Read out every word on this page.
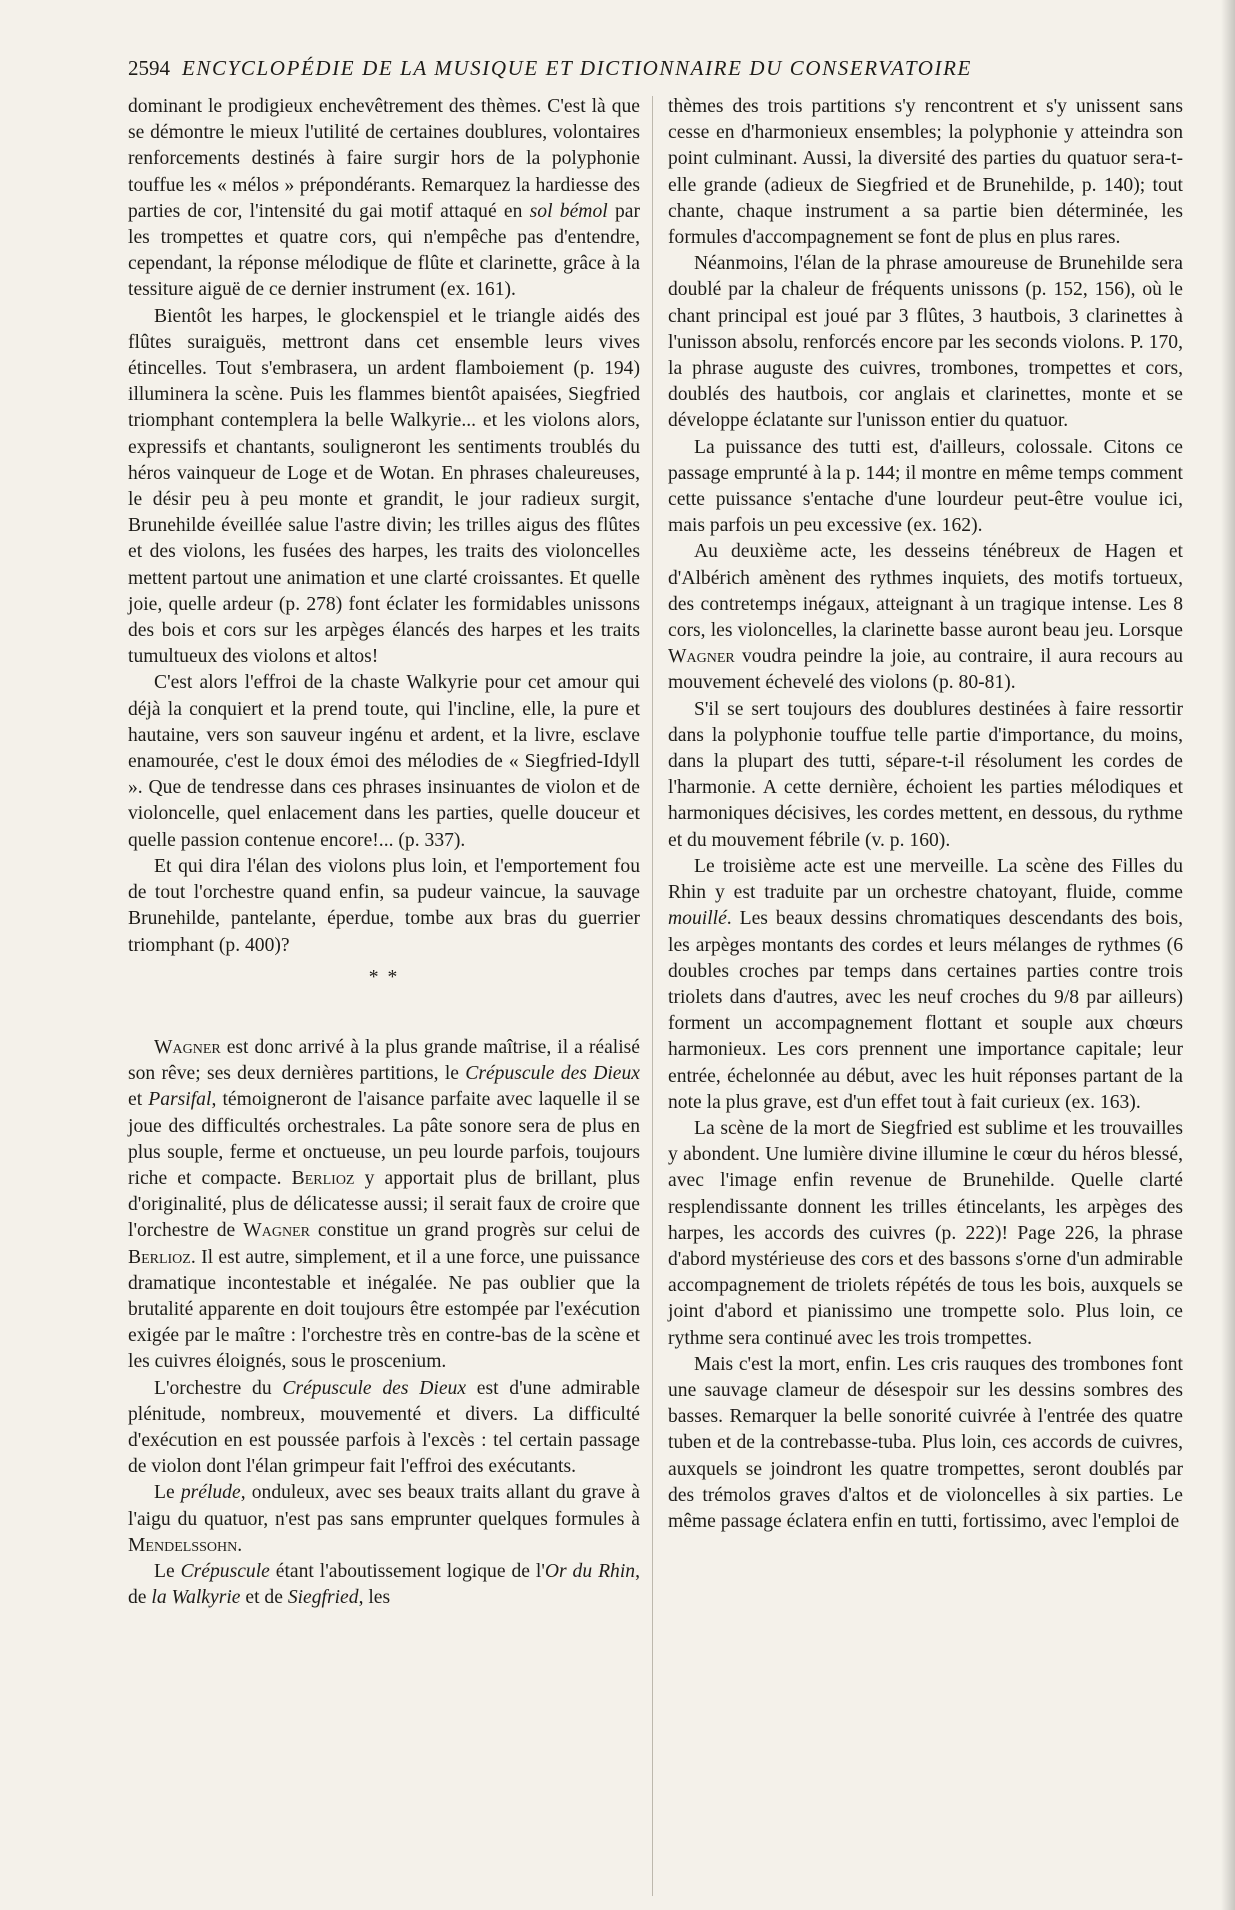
2594 ENCYCLOPÉDIE DE LA MUSIQUE ET DICTIONNAIRE DU CONSERVATOIRE

dominant le prodigieux enchevêtrement des thèmes. C'est là que se démontre le mieux l'utilité de certaines doublures, volontaires renforcements destinés à faire surgir hors de la polyphonie touffue les « mélos » prépondérants. Remarquez la hardiesse des parties de cor, l'intensité du gai motif attaqué en sol bémol par les trompettes et quatre cors, qui n'empêche pas d'entendre, cependant, la réponse mélodique de flûte et clarinette, grâce à la tessiture aiguë de ce dernier instrument (ex. 161).

Bientôt les harpes, le glockenspiel et le triangle aidés des flûtes suraiguës, mettront dans cet ensemble leurs vives étincelles. Tout s'embrasera, un ardent flamboiement (p. 194) illuminera la scène. Puis les flammes bientôt apaisées, Siegfried triomphant contemplera la belle Walkyrie... et les violons alors, expressifs et chantants, souligneront les sentiments troublés du héros vainqueur de Loge et de Wotan. En phrases chaleureuses, le désir peu à peu monte et grandit, le jour radieux surgit, Brunehilde éveillée salue l'astre divin; les trilles aigus des flûtes et des violons, les fusées des harpes, les traits des violoncelles mettent partout une animation et une clarté croissantes. Et quelle joie, quelle ardeur (p. 278) font éclater les formidables unissons des bois et cors sur les arpèges élancés des harpes et les traits tumultueux des violons et altos!

C'est alors l'effroi de la chaste Walkyrie pour cet amour qui déjà la conquiert et la prend toute, qui l'incline, elle, la pure et hautaine, vers son sauveur ingénu et ardent, et la livre, esclave enamourée, c'est le doux émoi des mélodies de « Siegfried-Idyll ». Que de tendresse dans ces phrases insinuantes de violon et de violoncelle, quel enlacement dans les parties, quelle douceur et quelle passion contenue encore!... (p. 337).

Et qui dira l'élan des violons plus loin, et l'emportement fou de tout l'orchestre quand enfin, sa pudeur vaincue, la sauvage Brunehilde, pantelante, éperdue, tombe aux bras du guerrier triomphant (p. 400)?

* *

Wagner est donc arrivé à la plus grande maîtrise, il a réalisé son rêve; ses deux dernières partitions, le Crépuscule des Dieux et Parsifal, témoigneront de l'aisance parfaite avec laquelle il se joue des difficultés orchestrales. La pâte sonore sera de plus en plus souple, ferme et onctueuse, un peu lourde parfois, toujours riche et compacte. Berlioz y apportait plus de brillant, plus d'originalité, plus de délicatesse aussi; il serait faux de croire que l'orchestre de Wagner constitue un grand progrès sur celui de Berlioz. Il est autre, simplement, et il a une force, une puissance dramatique incontestable et inégalée. Ne pas oublier que la brutalité apparente en doit toujours être estompée par l'exécution exigée par le maître : l'orchestre très en contre-bas de la scène et les cuivres éloignés, sous le proscenium.

L'orchestre du Crépuscule des Dieux est d'une admirable plénitude, nombreux, mouvementé et divers. La difficulté d'exécution en est poussée parfois à l'excès : tel certain passage de violon dont l'élan grimpeur fait l'effroi des exécutants.

Le prélude, onduleux, avec ses beaux traits allant du grave à l'aigu du quatuor, n'est pas sans emprunter quelques formules à Mendelssohn.

Le Crépuscule étant l'aboutissement logique de l'Or du Rhin, de la Walkyrie et de Siegfried, les

thèmes des trois partitions s'y rencontrent et s'y unissent sans cesse en d'harmonieux ensembles; la polyphonie y atteindra son point culminant. Aussi, la diversité des parties du quatuor sera-t-elle grande (adieux de Siegfried et de Brunehilde, p. 140); tout chante, chaque instrument a sa partie bien déterminée, les formules d'accompagnement se font de plus en plus rares.

Néanmoins, l'élan de la phrase amoureuse de Brunehilde sera doublé par la chaleur de fréquents unissons (p. 152, 156), où le chant principal est joué par 3 flûtes, 3 hautbois, 3 clarinettes à l'unisson absolu, renforcés encore par les seconds violons. P. 170, la phrase auguste des cuivres, trombones, trompettes et cors, doublés des hautbois, cor anglais et clarinettes, monte et se développe éclatante sur l'unisson entier du quatuor.

La puissance des tutti est, d'ailleurs, colossale. Citons ce passage emprunté à la p. 144; il montre en même temps comment cette puissance s'entache d'une lourdeur peut-être voulue ici, mais parfois un peu excessive (ex. 162).

Au deuxième acte, les desseins ténébreux de Hagen et d'Albérich amènent des rythmes inquiets, des motifs tortueux, des contretemps inégaux, atteignant à un tragique intense. Les 8 cors, les violoncelles, la clarinette basse auront beau jeu. Lorsque Wagner voudra peindre la joie, au contraire, il aura recours au mouvement échevelé des violons (p. 80-81).

S'il se sert toujours des doublures destinées à faire ressortir dans la polyphonie touffue telle partie d'importance, du moins, dans la plupart des tutti, sépare-t-il résolument les cordes de l'harmonie. A cette dernière, échoient les parties mélodiques et harmoniques décisives, les cordes mettent, en dessous, du rythme et du mouvement fébrile (v. p. 160).

Le troisième acte est une merveille. La scène des Filles du Rhin y est traduite par un orchestre chatoyant, fluide, comme mouillé. Les beaux dessins chromatiques descendants des bois, les arpèges montants des cordes et leurs mélanges de rythmes (6 doubles croches par temps dans certaines parties contre trois triolets dans d'autres, avec les neuf croches du 9/8 par ailleurs) forment un accompagnement flottant et souple aux chœurs harmonieux. Les cors prennent une importance capitale; leur entrée, échelonnée au début, avec les huit réponses partant de la note la plus grave, est d'un effet tout à fait curieux (ex. 163).

La scène de la mort de Siegfried est sublime et les trouvailles y abondent. Une lumière divine illumine le cœur du héros blessé, avec l'image enfin revenue de Brunehilde. Quelle clarté resplendissante donnent les trilles étincelants, les arpèges des harpes, les accords des cuivres (p. 222)! Page 226, la phrase d'abord mystérieuse des cors et des bassons s'orne d'un admirable accompagnement de triolets répétés de tous les bois, auxquels se joint d'abord et pianissimo une trompette solo. Plus loin, ce rythme sera continué avec les trois trompettes.

Mais c'est la mort, enfin. Les cris rauques des trombones font une sauvage clameur de désespoir sur les dessins sombres des basses. Remarquer la belle sonorité cuivrée à l'entrée des quatre tuben et de la contrebasse-tuba. Plus loin, ces accords de cuivres, auxquels se joindront les quatre trompettes, seront doublés par des trémolos graves d'altos et de violoncelles à six parties. Le même passage éclatera enfin en tutti, fortissimo, avec l'emploi de
